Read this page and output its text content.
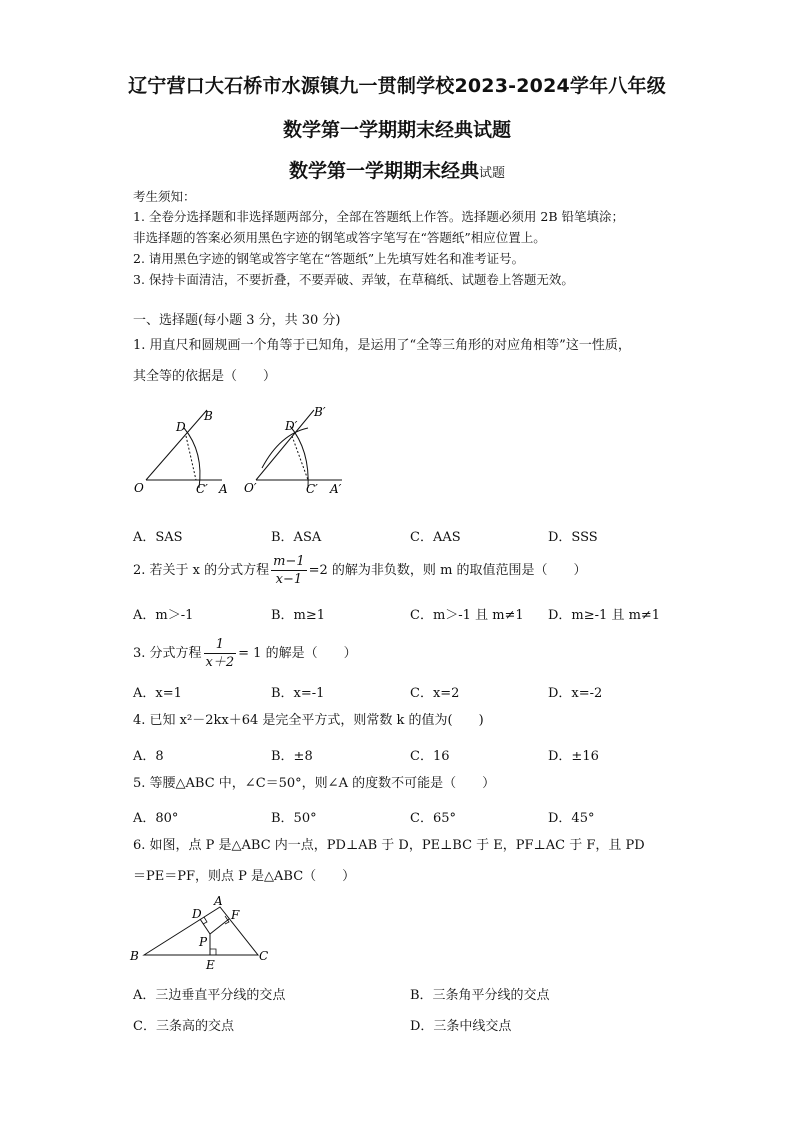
辽宁营口大石桥市水源镇九一贯制学校2023-2024学年八年级
数学第一学期期末经典试题
数学第一学期期末经典试题
考生须知：
1. 全卷分选择题和非选择题两部分，全部在答题纸上作答。选择题必须用 2B 铅笔填涂；
非选择题的答案必须用黑色字迹的钢笔或答字笔写在“答题纸”相应位置上。
2. 请用黑色字迹的钢笔或答字笔在“答题纸”上先填写姓名和准考证号。
3. 保持卡面清洁，不要折叠，不要弄破、弄皱，在草稿纸、试题卷上答题无效。
一、选择题(每小题 3 分，共 30 分)
1. 用直尺和圆规画一个角等于已知角，是运用了“全等三角形的对应角相等”这一性质，
其全等的依据是（　　）
B
D
O	C′ A
B′
D′
O′	C′ A′
A．SAS	B．ASA	C．AAS	D．SSS
2. 若关于 x 的分式方程 $\frac{m-1}{x-1} =2$ 的解为非负数，则 m 的取值范围是（　　）
A．m＞-1	B．m≥1	C．m＞-1 且 m≠1 D．m≥-1 且 m≠1
3. 分式方程 $\frac{1}{x+2} = 1$ 的解是（　　）
A．x=1	B．x=-1	C．x=2	D．x=-2
4. 已知 x²－2kx＋64 是完全平方式，则常数 k 的值为(　　)
A．8	B．±8	C．16	D．±16
5. 等腰△ABC 中，∠C＝50°，则∠A 的度数不可能是（　　）
A．80°	B．50°	C．65°	D．45°
6. 如图，点 P 是△ABC 内一点，PD⊥AB 于 D，PE⊥BC 于 E，PF⊥AC 于 F，且 PD
＝PE＝PF，则点 P 是△ABC（　　）
A
B	C
D F
P
E
A．三边垂直平分线的交点	B．三条角平分线的交点
C．三条高的交点	D．三条中线交点
